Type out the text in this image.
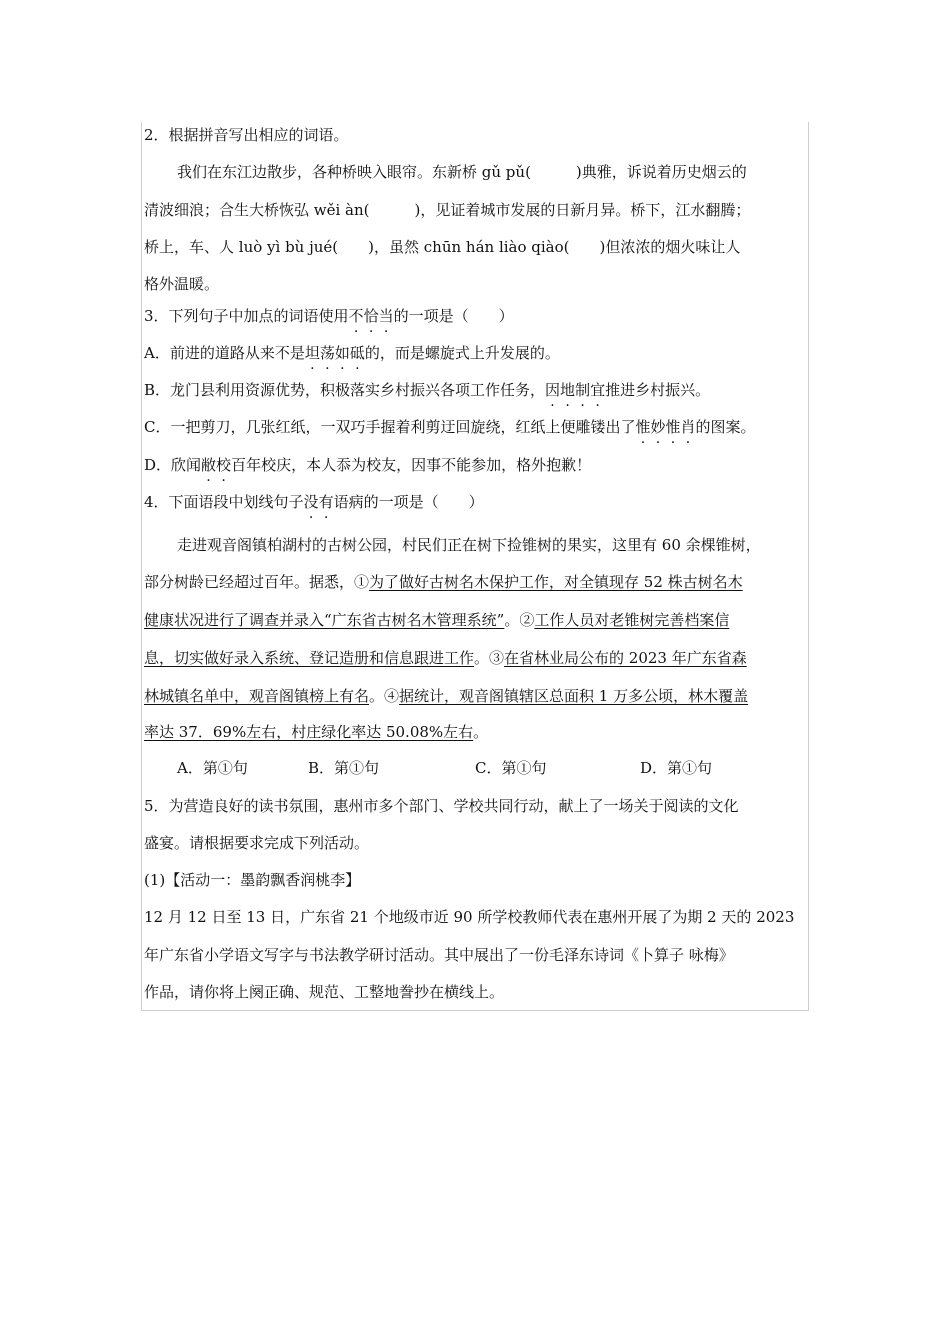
2．根据拼音写出相应的词语。
我们在东江边散步，各种桥映入眼帘。东新桥 gǔ pǔ(　　　)典雅，诉说着历史烟云的
清波细浪；合生大桥恢弘 wěi àn(　　　)，见证着城市发展的日新月异。桥下，江水翻腾；
桥上，车、人 luò yì bù jué(　　)，虽然 chūn hán liào qiào(　　)但浓浓的烟火味让人
格外温暖。
3．下列句子中加点的词语使用不恰当的一项是（　　）
A．前进的道路从来不是坦荡如砥的，而是螺旋式上升发展的。
B．龙门县利用资源优势，积极落实乡村振兴各项工作任务，因地制宜推进乡村振兴。
C．一把剪刀，几张红纸，一双巧手握着利剪迂回旋绕，红纸上便雕镂出了惟妙惟肖的图案。
D．欣闻敝校百年校庆，本人忝为校友，因事不能参加，格外抱歉！
4．下面语段中划线句子没有语病的一项是（　　）
走进观音阁镇柏湖村的古树公园，村民们正在树下捡锥树的果实，这里有 60 余棵锥树，
部分树龄已经超过百年。据悉，①为了做好古树名木保护工作，对全镇现存 52 株古树名木
健康状况进行了调查并录入“广东省古树名木管理系统”。②工作人员对老锥树完善档案信
息，切实做好录入系统、登记造册和信息跟进工作。③在省林业局公布的 2023 年广东省森
林城镇名单中，观音阁镇榜上有名。④据统计，观音阁镇辖区总面积 1 万多公顷，林木覆盖
率达 37．69%左右，村庄绿化率达 50.08%左右。
A．第①句	B．第①句	C．第①句	D．第①句
5．为营造良好的读书氛围，惠州市多个部门、学校共同行动，献上了一场关于阅读的文化
盛宴。请根据要求完成下列活动。
(1)【活动一：墨韵飘香润桃李】
12 月 12 日至 13 日，广东省 21 个地级市近 90 所学校教师代表在惠州开展了为期 2 天的 2023
年广东省小学语文写字与书法教学研讨活动。其中展出了一份毛泽东诗词《卜算子 咏梅》
作品，请你将上阕正确、规范、工整地誊抄在横线上。
